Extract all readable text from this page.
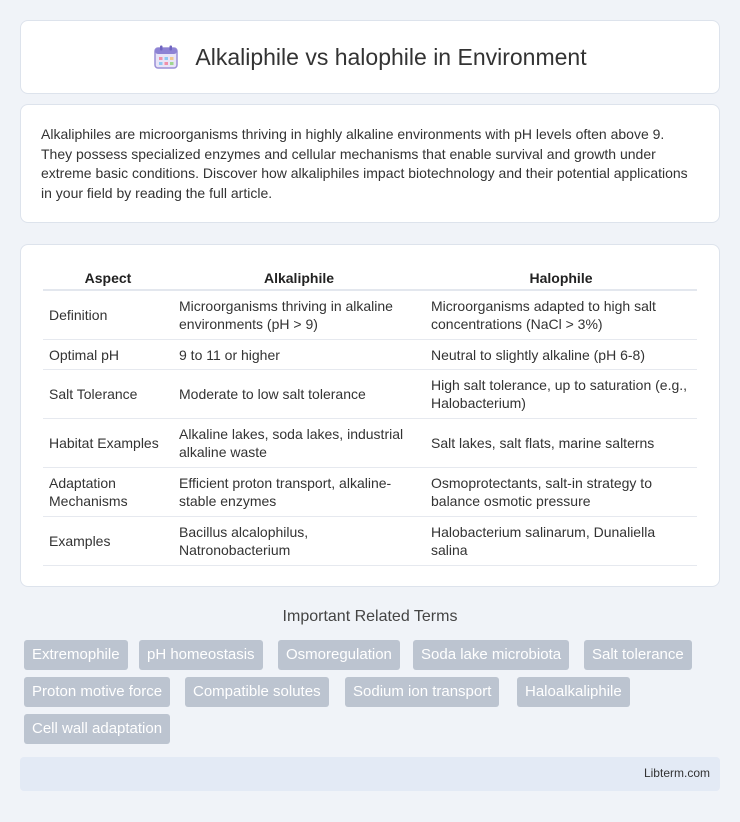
Alkaliphile vs halophile in Environment

Alkaliphiles are microorganisms thriving in highly alkaline environments with pH levels often above 9. They possess specialized enzymes and cellular mechanisms that enable survival and growth under extreme basic conditions. Discover how alkaliphiles impact biotechnology and their potential applications in your field by reading the full article.

Aspect	Alkaliphile	Halophile
Definition	Microorganisms thriving in alkaline environments (pH > 9)	Microorganisms adapted to high salt concentrations (NaCl > 3%)
Optimal pH	9 to 11 or higher	Neutral to slightly alkaline (pH 6-8)
Salt Tolerance	Moderate to low salt tolerance	High salt tolerance, up to saturation (e.g., Halobacterium)
Habitat Examples	Alkaline lakes, soda lakes, industrial alkaline waste	Salt lakes, salt flats, marine salterns
Adaptation Mechanisms	Efficient proton transport, alkaline-stable enzymes	Osmoprotectants, salt-in strategy to balance osmotic pressure
Examples	Bacillus alcalophilus, Natronobacterium	Halobacterium salinarum, Dunaliella salina
Important Related Terms
Extremophile	pH homeostasis	Osmoregulation	Soda lake microbiota	Salt tolerance
Proton motive force	Compatible solutes	Sodium ion transport	Haloalkaliphile
Cell wall adaptation
Libterm.com
